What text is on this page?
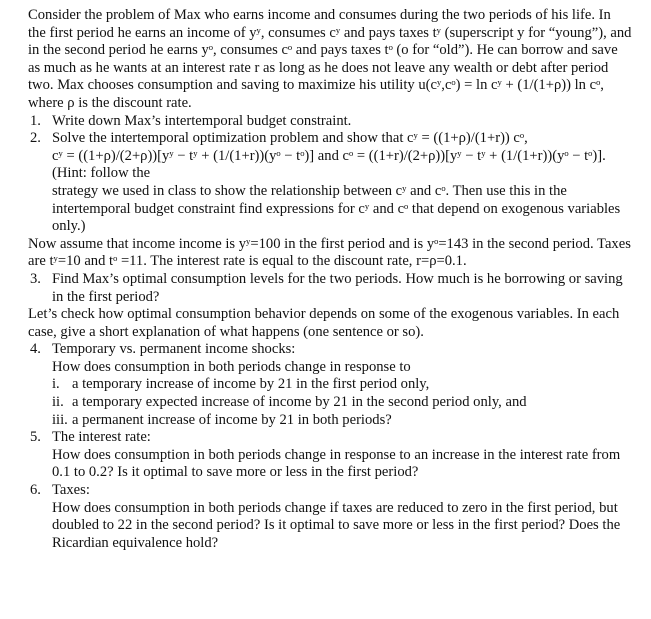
Consider the problem of Max who earns income and consumes during the two periods of his life. In the first period he earns an income of yʸ, consumes cʸ and pays taxes tʸ (superscript y for “young”), and in the second period he earns yᵒ, consumes cᵒ and pays taxes tᵒ (o for “old”). He can borrow and save as much as he wants at an interest rate r as long as he does not leave any wealth or debt after period two. Max chooses consumption and saving to maximize his utility u(cʸ,cᵒ) = ln cʸ + (1/(1+ρ)) ln cᵒ, where ρ is the discount rate.

1. Write down Max’s intertemporal budget constraint.
2. Solve the intertemporal optimization problem and show that cʸ = ((1+ρ)/(1+r)) cᵒ,

cʸ = ((1+ρ)/(2+ρ))[yʸ − tʸ + (1/(1+r))(yᵒ − tᵒ)] and cᵒ = ((1+r)/(2+ρ))[yʸ − tʸ + (1/(1+r))(yᵒ − tᵒ)]. (Hint: follow the

strategy we used in class to show the relationship between cʸ and cᵒ. Then use this in the intertemporal budget constraint find expressions for cʸ and cᵒ that depend on exogenous variables only.)

Now assume that income income is yʸ=100 in the first period and is yᵒ=143 in the second period. Taxes are tʸ=10 and tᵒ =11. The interest rate is equal to the discount rate, r=ρ=0.1.

3. Find Max’s optimal consumption levels for the two periods. How much is he borrowing or saving in the first period?

Let’s check how optimal consumption behavior depends on some of the exogenous variables. In each case, give a short explanation of what happens (one sentence or so).

4. Temporary vs. permanent income shocks:

How does consumption in both periods change in response to

i. a temporary increase of income by 21 in the first period only,
ii. a temporary expected increase of income by 21 in the second period only, and
iii. a permanent increase of income by 21 in both periods?
5. The interest rate:

How does consumption in both periods change in response to an increase in the interest rate from 0.1 to 0.2? Is it optimal to save more or less in the first period?

6. Taxes:

How does consumption in both periods change if taxes are reduced to zero in the first period, but doubled to 22 in the second period? Is it optimal to save more or less in the first period? Does the Ricardian equivalence hold?
